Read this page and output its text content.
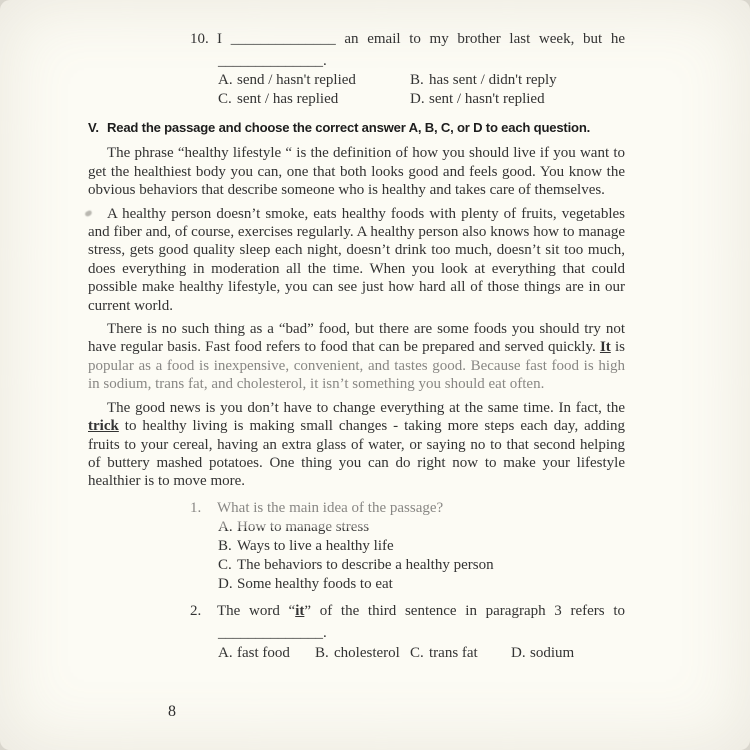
10. I ______________ an email to my brother last week, but he
______________.
A. send / hasn't replied	B. has sent / didn't reply
C. sent / has replied	D. sent / hasn't replied
V. Read the passage and choose the correct answer A, B, C, or D to each question.

The phrase “healthy lifestyle “ is the definition of how you should live if you want to get the healthiest body you can, one that both looks good and feels good. You know the obvious behaviors that describe someone who is healthy and takes care of themselves.

A healthy person doesn’t smoke, eats healthy foods with plenty of fruits, vegetables and fiber and, of course, exercises regularly. A healthy person also knows how to manage stress, gets good quality sleep each night, doesn’t drink too much, doesn’t sit too much, does everything in moderation all the time. When you look at everything that could possible make healthy lifestyle, you can see just how hard all of those things are in our current world.

There is no such thing as a “bad” food, but there are some foods you should try not have regular basis. Fast food refers to food that can be prepared and served quickly. It is popular as a food is inexpensive, convenient, and tastes good. Because fast food is high in sodium, trans fat, and cholesterol, it isn’t something you should eat often.

The good news is you don’t have to change everything at the same time. In fact, the trick to healthy living is making small changes - taking more steps each day, adding fruits to your cereal, having an extra glass of water, or saying no to that second helping of buttery mashed potatoes. One thing you can do right now to make your lifestyle healthier is to move more.

1.	What is the main idea of the passage?
A. How to manage stress
B. Ways to live a healthy life
C. The behaviors to describe a healthy person
D. Some healthy foods to eat
2.	The word “it” of the third sentence in paragraph 3 refers to
______________.
A. fast food	B. cholesterol C. trans fat	D. sodium
8
